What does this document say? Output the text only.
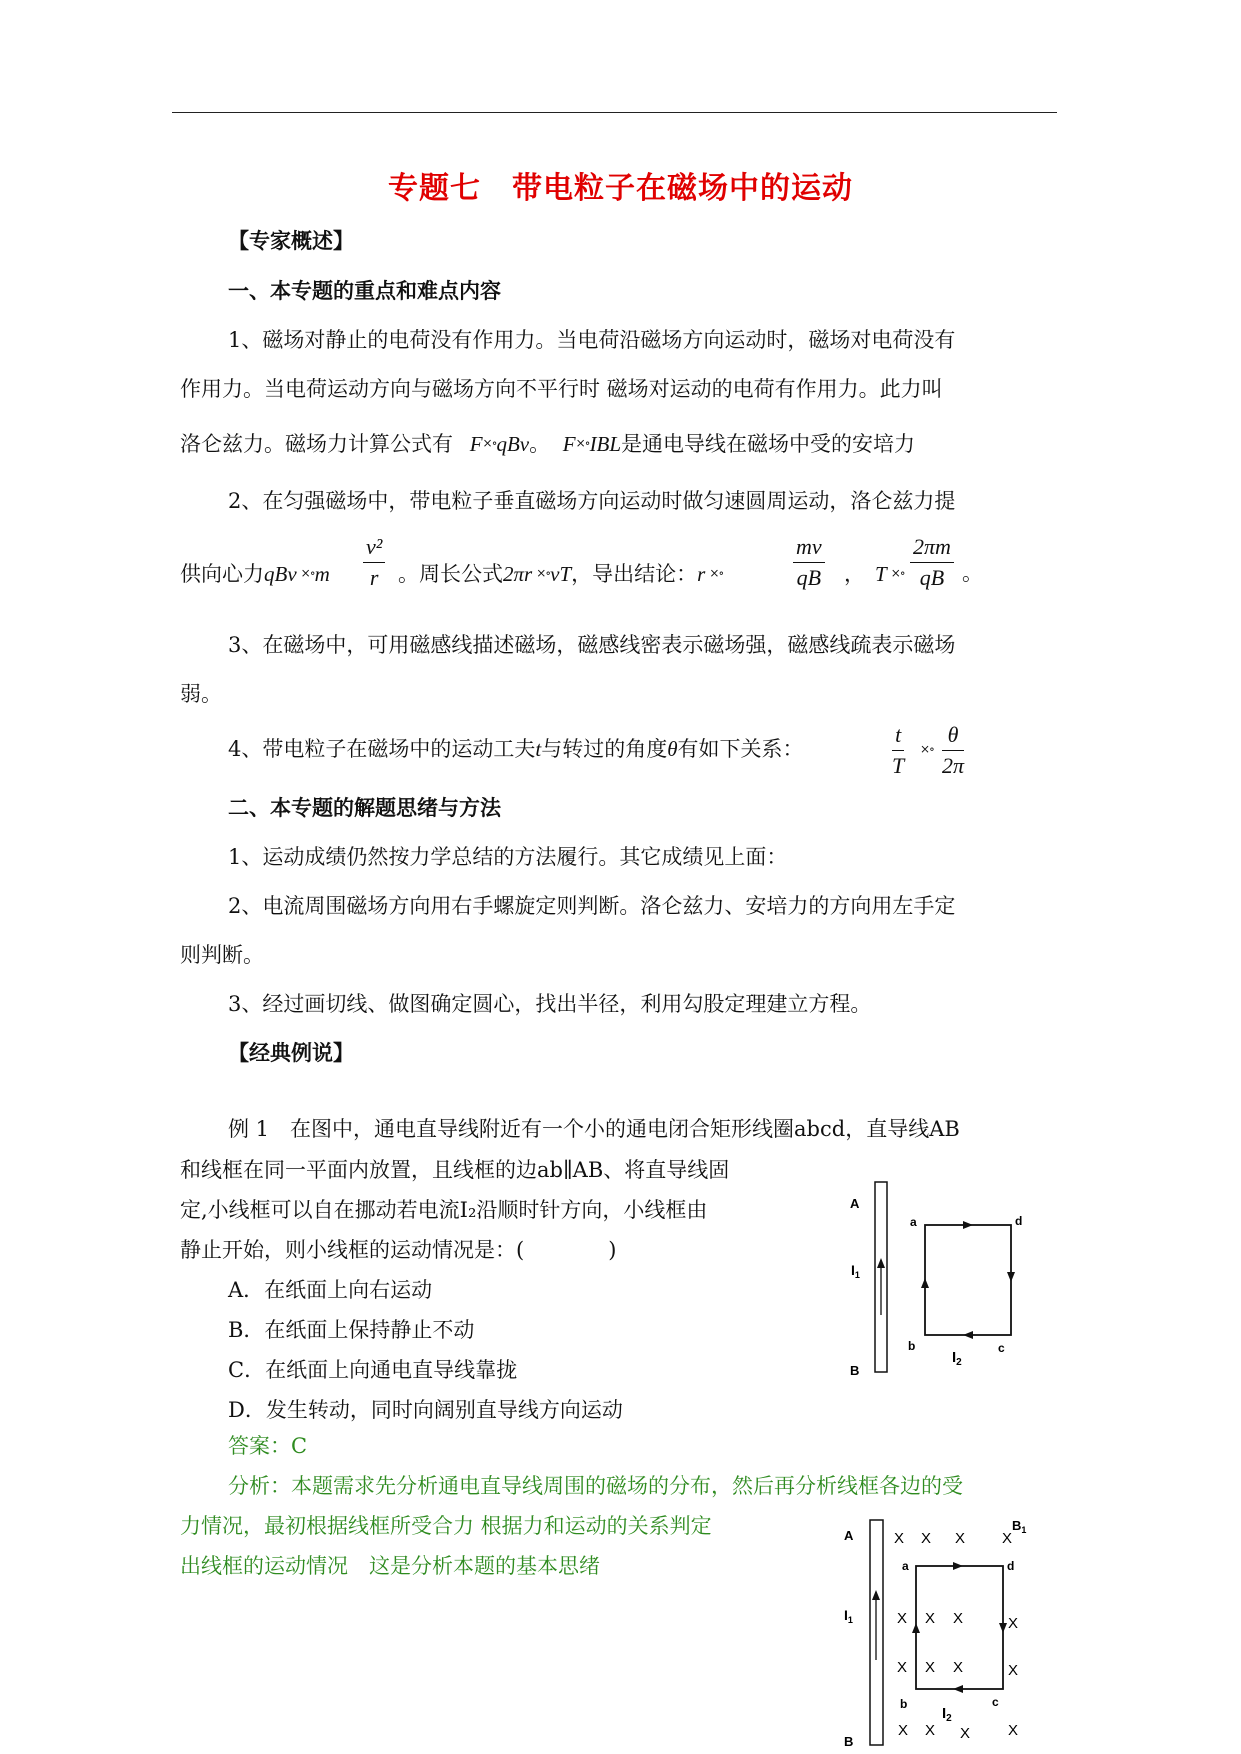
专题七　带电粒子在磁场中的运动
【专家概述】
一、本专题的重点和难点内容
1、磁场对静止的电荷没有作用力。当电荷沿磁场方向运动时，磁场对电荷没有
作用力。当电荷运动方向与磁场方向不平行时 磁场对运动的电荷有作用力。此力叫
洛仑兹力。磁场力计算公式有 F×∘qBv。 F×∘IBL是通电导线在磁场中受的安培力
2、在匀强磁场中，带电粒子垂直磁场方向运动时做匀速圆周运动，洛仑兹力提
供向心力qBv ×∘m $\frac{\text{v²}}{r}$ 。周长公式2πr ×∘vT，导出结论：r ×∘	$\frac{mv}{qB}$ ， T ×∘ $\frac{2\pi m}{qB}$ 。
3、在磁场中，可用磁感线描述磁场，磁感线密表示磁场强，磁感线疏表示磁场
弱。
4、带电粒子在磁场中的运动工夫t与转过的角度θ有如下关系：	$\frac{t}{T}$ ×∘ $\frac{\theta}{2\pi}$
二、本专题的解题思绪与方法
1、运动成绩仍然按力学总结的方法履行。其它成绩见上面：
2、电流周围磁场方向用右手螺旋定则判断。洛仑兹力、安培力的方向用左手定
则判断。
3、经过画切线、做图确定圆心，找出半径，利用勾股定理建立方程。
【经典例说】
例 1　在图中，通电直导线附近有一个小的通电闭合矩形线圈abcd，直导线AB
和线框在同一平面内放置，且线框的边ab∥AB、将直导线固
定,小线框可以自在挪动若电流I₂沿顺时针方向，小线框由
静止开始，则小线框的运动情况是：(　　　　)
A．在纸面上向右运动
B．在纸面上保持静止不动
C．在纸面上向通电直导线靠拢
D．发生转动，同时向阔别直导线方向运动
答案：C
分析：本题需求先分析通电直导线周围的磁场的分布，然后再分析线框各边的受
力情况，最初根据线框所受合力 根据力和运动的关系判定
出线框的运动情况　这是分析本题的基本思绪
A
B
$I_1$
a	d
b	c
$I_2$
A
B
$I_1$
a	d
b	c
$I_2$
$B_1$
X X X X
X X X	X
X X X	X
X X X	X
